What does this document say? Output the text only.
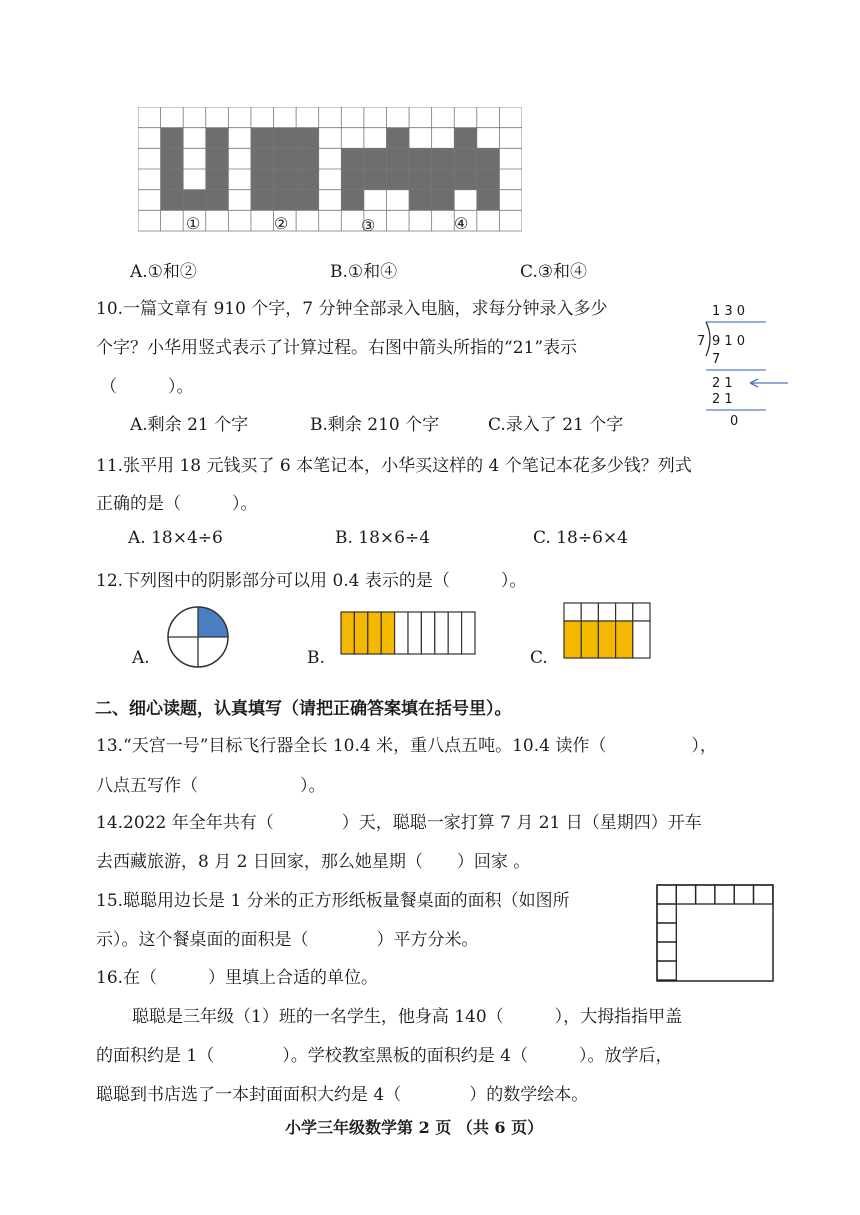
①	②	③	④
A.①和②	B.①和④	C.③和④
10.一篇文章有 910 个字，7 分钟全部录入电脑，求每分钟录入多少
个字？小华用竖式表示了计算过程。右图中箭头所指的“21”表示
（　　　）。
A.剩余 21 个字	B.剩余 210 个字	C.录入了 21 个字
1 3 0
7 9 1 0
7
2 1
2 1
0
11.张平用 18 元钱买了 6 本笔记本，小华买这样的 4 个笔记本花多少钱？列式
正确的是（　　　）。
A. 18×4÷6	B. 18×6÷4	C. 18÷6×4
12.下列图中的阴影部分可以用 0.4 表示的是（　　　）。
A.	B.	C.
二、细心读题，认真填写（请把正确答案填在括号里）。
13.“天宫一号”目标飞行器全长 10.4 米，重八点五吨。10.4 读作（　　　　　），
八点五写作（　　　　　　）。
14.2022 年全年共有（　　　　）天，聪聪一家打算 7 月 21 日（星期四）开车
去西藏旅游，8 月 2 日回家，那么她星期（　　）回家 。
15.聪聪用边长是 1 分米的正方形纸板量餐桌面的面积（如图所
示）。这个餐桌面的面积是（　　　　）平方分米。
16.在（　　　）里填上合适的单位。
聪聪是三年级（1）班的一名学生，他身高 140（　　　），大拇指指甲盖
的面积约是 1（　　　　）。学校教室黑板的面积约是 4（　　　）。放学后，
聪聪到书店选了一本封面面积大约是 4（　　　　）的数学绘本。
小学三年级数学第 2 页 （共 6 页）
